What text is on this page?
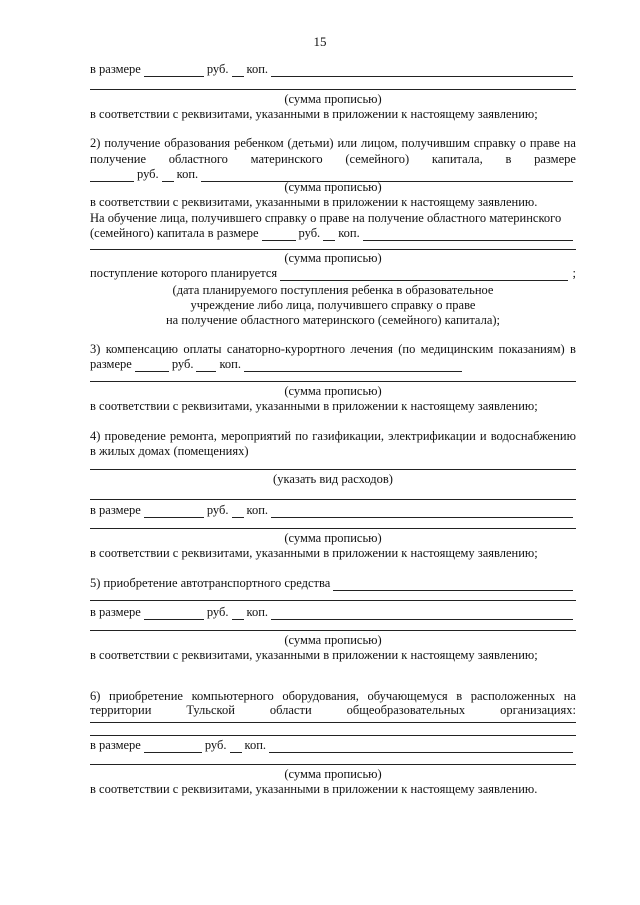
15
в размере	руб. коп.
(сумма прописью)
в соответствии с реквизитами, указанными в приложении к настоящему заявлению;
2) получение образования ребенком (детьми) или лицом, получившим справку о праве на
получение областного материнского (семейного) капитала, в размере
руб. коп.
(сумма прописью)
в соответствии с реквизитами, указанными в приложении к настоящему заявлению.
На обучение лица, получившего справку о праве на получение областного материнского
(семейного) капитала в размере	руб. коп.
(сумма прописью)
поступление которого планируется	;
(дата планируемого поступления ребенка в образовательное
учреждение либо лица, получившего справку о праве
на получение областного материнского (семейного) капитала);
3) компенсацию оплаты санаторно-курортного лечения (по медицинским показаниям) в
размере	руб. коп.
(сумма прописью)
в соответствии с реквизитами, указанными в приложении к настоящему заявлению;
4) проведение ремонта, мероприятий по газификации, электрификации и водоснабжению
в жилых домах (помещениях)
(указать вид расходов)
в размере	руб. коп.
(сумма прописью)
в соответствии с реквизитами, указанными в приложении к настоящему заявлению;
5) приобретение автотранспортного средства
в размере	руб. коп.
(сумма прописью)
в соответствии с реквизитами, указанными в приложении к настоящему заявлению;
6) приобретение компьютерного оборудования, обучающемуся в расположенных на
территории	Тульской	области	общеобразовательных	организациях:
в размере	руб. коп.
(сумма прописью)
в соответствии с реквизитами, указанными в приложении к настоящему заявлению.
